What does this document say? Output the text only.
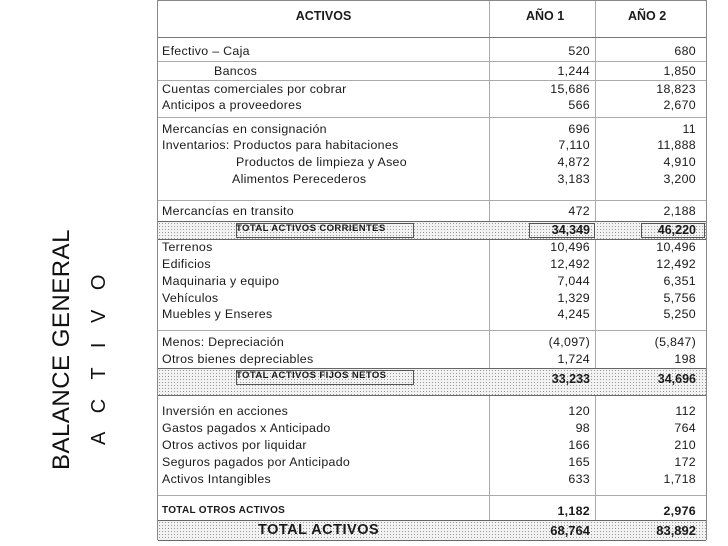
BALANCE GENERAL A C T I V O
ACTIVOS	AÑO 1	AÑO 2
Efectivo – Caja	520	680
Bancos	1,244	1,850
Cuentas comerciales por cobrar	15,686	18,823
Anticipos a proveedores	566	2,670
Mercancías en consignación	696	11
Inventarios: Productos para habitaciones	7,110	11,888
Productos de limpieza y Aseo	4,872	4,910
Alimentos Perecederos	3,183	3,200
Mercancías en transito	472	2,188
TOTAL ACTIVOS CORRIENTES	34,349	46,220
Terrenos	10,496	10,496
Edificios	12,492	12,492
Maquinaria y equipo	7,044	6,351
Vehículos	1,329	5,756
Muebles y Enseres	4,245	5,250
Menos: Depreciación	(4,097)	(5,847)
Otros bienes depreciables	1,724	198
TOTAL ACTIVOS FIJOS NETOS	33,233	34,696
Inversión en acciones	120	112
Gastos pagados x Anticipado	98	764
Otros activos por liquidar	166	210
Seguros pagados por Anticipado	165	172
Activos Intangibles	633	1,718
TOTAL OTROS ACTIVOS	1,182	2,976
TOTAL ACTIVOS	68,764	83,892
